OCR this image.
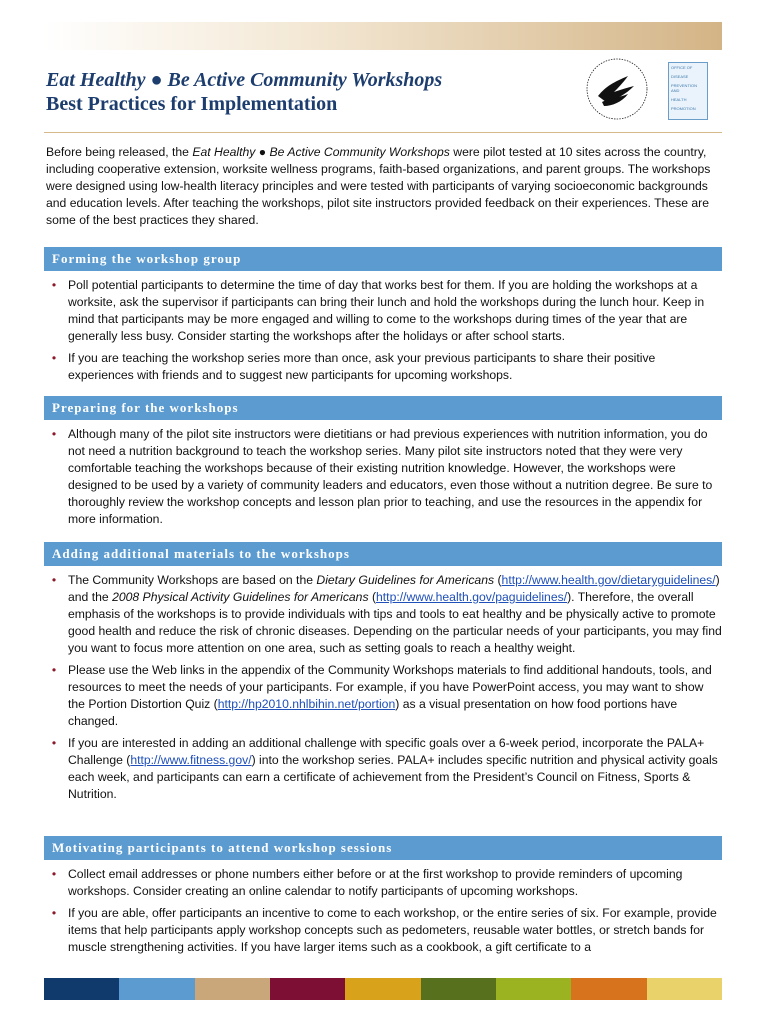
Eat Healthy ● Be Active Community Workshops
Best Practices for Implementation
OFFICE OF
DISEASE
PREVENTION AND
HEALTH
PROMOTION
Before being released, the Eat Healthy ● Be Active Community Workshops were pilot tested at 10 sites across the country, including cooperative extension, worksite wellness programs, faith-based organizations, and parent groups. The workshops were designed using low-health literacy principles and were tested with participants of varying socioeconomic backgrounds and education levels. After teaching the workshops, pilot site instructors provided feedback on their experiences. These are some of the best practices they shared.
Forming the workshop group
• Poll potential participants to determine the time of day that works best for them. If you are holding the workshops at a worksite, ask the supervisor if participants can bring their lunch and hold the workshops during the lunch hour. Keep in mind that participants may be more engaged and willing to come to the workshops during times of the year that are generally less busy. Consider starting the workshops after the holidays or after school starts.
• If you are teaching the workshop series more than once, ask your previous participants to share their positive experiences with friends and to suggest new participants for upcoming workshops.
Preparing for the workshops
• Although many of the pilot site instructors were dietitians or had previous experiences with nutrition information, you do not need a nutrition background to teach the workshop series. Many pilot site instructors noted that they were very comfortable teaching the workshops because of their existing nutrition knowledge. However, the workshops were designed to be used by a variety of community leaders and educators, even those without a nutrition degree. Be sure to thoroughly review the workshop concepts and lesson plan prior to teaching, and use the resources in the appendix for more information.
Adding additional materials to the workshops
• The Community Workshops are based on the Dietary Guidelines for Americans (http://www.health.gov/dietaryguidelines/) and the 2008 Physical Activity Guidelines for Americans (http://www.health.gov/paguidelines/). Therefore, the overall emphasis of the workshops is to provide individuals with tips and tools to eat healthy and be physically active to promote good health and reduce the risk of chronic diseases. Depending on the particular needs of your participants, you may find you want to focus more attention on one area, such as setting goals to reach a healthy weight.
• Please use the Web links in the appendix of the Community Workshops materials to find additional handouts, tools, and resources to meet the needs of your participants. For example, if you have PowerPoint access, you may want to show the Portion Distortion Quiz (http://hp2010.nhlbihin.net/portion) as a visual presentation on how food portions have changed.
• If you are interested in adding an additional challenge with specific goals over a 6-week period, incorporate the PALA+ Challenge (http://www.fitness.gov/) into the workshop series. PALA+ includes specific nutrition and physical activity goals each week, and participants can earn a certificate of achievement from the President’s Council on Fitness, Sports & Nutrition.
Motivating participants to attend workshop sessions
• Collect email addresses or phone numbers either before or at the first workshop to provide reminders of upcoming workshops. Consider creating an online calendar to notify participants of upcoming workshops.
• If you are able, offer participants an incentive to come to each workshop, or the entire series of six. For example, provide items that help participants apply workshop concepts such as pedometers, reusable water bottles, or stretch bands for muscle strengthening activities. If you have larger items such as a cookbook, a gift certificate to a
